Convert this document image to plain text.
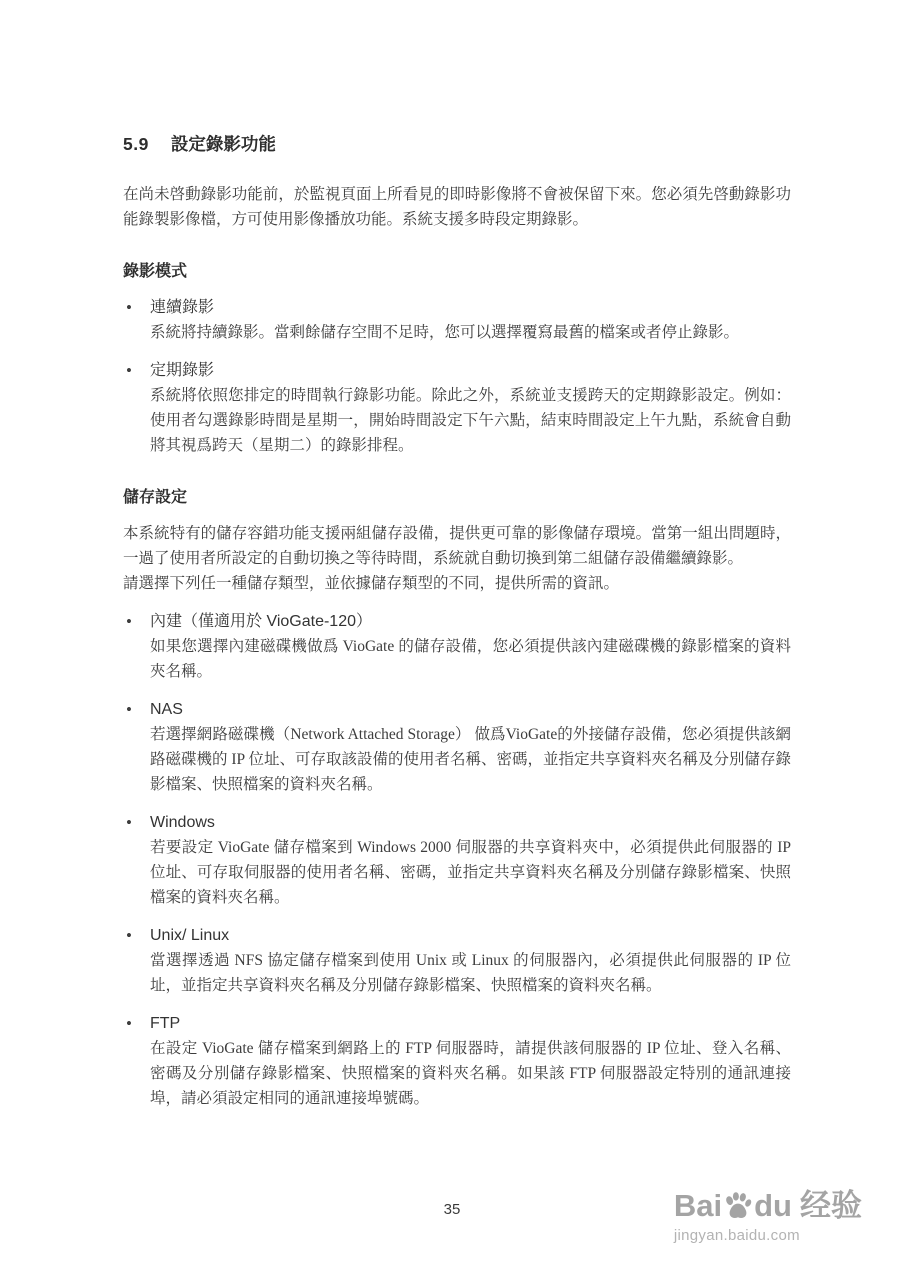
5.9 設定錄影功能

在尚未啓動錄影功能前，於監視頁面上所看見的即時影像將不會被保留下來。您必須先啓動錄影功能錄製影像檔，方可使用影像播放功能。系統支援多時段定期錄影。

錄影模式
•	連續錄影
系統將持續錄影。當剩餘儲存空間不足時，您可以選擇覆寫最舊的檔案或者停止錄影。
•	定期錄影
系統將依照您排定的時間執行錄影功能。除此之外，系統並支援跨天的定期錄影設定。例如：使用者勾選錄影時間是星期一，開始時間設定下午六點，結束時間設定上午九點，系統會自動將其視爲跨天（星期二）的錄影排程。
儲存設定

本系統特有的儲存容錯功能支援兩組儲存設備，提供更可靠的影像儲存環境。當第一組出問題時，一過了使用者所設定的自動切換之等待時間，系統就自動切換到第二組儲存設備繼續錄影。

請選擇下列任一種儲存類型，並依據儲存類型的不同，提供所需的資訊。

•	內建（僅適用於 VioGate-120）
如果您選擇內建磁碟機做爲 VioGate 的儲存設備，您必須提供該內建磁碟機的錄影檔案的資料夾名稱。
•	NAS
若選擇網路磁碟機（Network Attached Storage） 做爲VioGate的外接儲存設備，您必須提供該網路磁碟機的 IP 位址、可存取該設備的使用者名稱、密碼，並指定共享資料夾名稱及分別儲存錄影檔案、快照檔案的資料夾名稱。
•	Windows
若要設定 VioGate 儲存檔案到 Windows 2000 伺服器的共享資料夾中，必須提供此伺服器的 IP 位址、可存取伺服器的使用者名稱、密碼，並指定共享資料夾名稱及分別儲存錄影檔案、快照檔案的資料夾名稱。
•	Unix/ Linux
當選擇透過 NFS 協定儲存檔案到使用 Unix 或 Linux 的伺服器內，必須提供此伺服器的 IP 位址，並指定共享資料夾名稱及分別儲存錄影檔案、快照檔案的資料夾名稱。
•	FTP
在設定 VioGate 儲存檔案到網路上的 FTP 伺服器時，請提供該伺服器的 IP 位址、登入名稱、密碼及分別儲存錄影檔案、快照檔案的資料夾名稱。如果該 FTP 伺服器設定特別的通訊連接埠，請必須設定相同的通訊連接埠號碼。
35	Bai du 经验
jingyan.baidu.com
